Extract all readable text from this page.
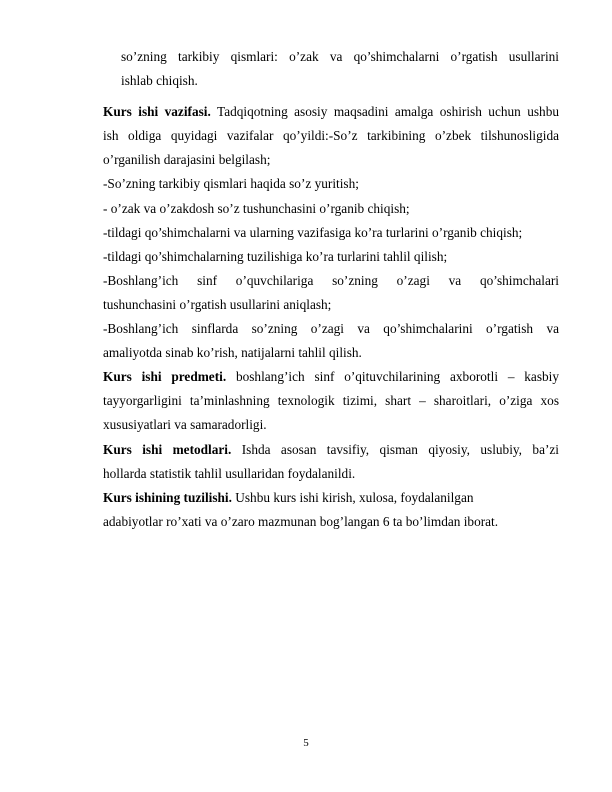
so’zning tarkibiy qismlari: o’zak va qo’shimchalarni o’rgatish usullarini

ishlab chiqish.

Kurs ishi vazifasi. Tadqiqotning asosiy maqsadini amalga oshirish uchun ushbu

ish oldiga quyidagi vazifalar qo’yildi:-So’z tarkibining o’zbek tilshunosligida

o’rganilish darajasini belgilash;

-So’zning tarkibiy qismlari haqida so’z yuritish;

- o’zak va o’zakdosh so’z tushunchasini o’rganib chiqish;

-tildagi qo’shimchalarni va ularning vazifasiga ko’ra turlarini o’rganib chiqish;

-tildagi qo’shimchalarning tuzilishiga ko’ra turlarini tahlil qilish;

-Boshlang’ich sinf o’quvchilariga so’zning o’zagi va qo’shimchalari

tushunchasini o’rgatish usullarini aniqlash;

-Boshlang’ich sinflarda so’zning o’zagi va qo’shimchalarini o’rgatish va

amaliyotda sinab ko’rish, natijalarni tahlil qilish.

Kurs ishi predmeti. boshlang’ich sinf o’qituvchilarining axborotli – kasbiy

tayyorgarligini ta’minlashning texnologik tizimi, shart – sharoitlari, o’ziga xos

xususiyatlari va samaradorligi.

Kurs ishi metodlari. Ishda asosan tavsifiy, qisman qiyosiy, uslubiy, ba’zi

hollarda statistik tahlil usullaridan foydalanildi.

Kurs ishining tuzilishi. Ushbu kurs ishi kirish, xulosa, foydalanilgan

adabiyotlar ro’xati va o’zaro mazmunan bog’langan 6 ta bo’limdan iborat.

5
